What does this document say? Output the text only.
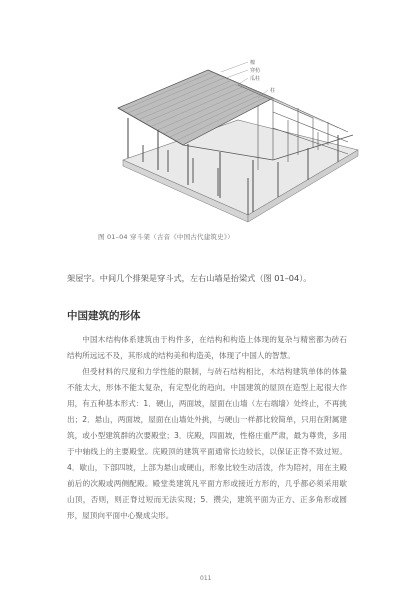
檩
穿枋
瓜柱
柱
图 01–04 穿斗架（古音《中国古代建筑史》）
架屋字。中间几个排架是穿斗式，左右山墙是抬梁式（图 01–04）。
中国建筑的形体

中国木结构体系建筑由于构件多，在结构和构造上体现的复杂与精密都为砖石结构所远远不及，其形成的结构美和构造美，体现了中国人的智慧。

但受材料的尺度和力学性能的限制，与砖石结构相比，木结构建筑单体的体量不能太大，形体不能太复杂，有定型化的趋向。中国建筑的屋顶在造型上起很大作用，有五种基本形式：1．硬山，两面坡，屋面在山墙（左右端墙）处终止，不再挑出；2．悬山，两面坡，屋面在山墙处外挑，与硬山一样都比较简单，只用在附属建筑，或小型建筑群的次要殿堂；3．庑殿，四面坡，性格庄重严肃，最为尊贵，多用于中轴线上的主要殿堂。庑殿顶的建筑平面通常长边较长，以保证正脊不致过短。4．歇山，下部四坡，上部为悬山或硬山，形象比较生动活泼，作为陪衬，用在主殿前后的次殿或两侧配殿。殿堂类建筑凡平面方形或接近方形的，几乎都必须采用歇山顶，否则，则正脊过短而无法实现；5．攒尖，建筑平面为正方、正多角形或圆形，屋顶向平面中心聚成尖形。

011
